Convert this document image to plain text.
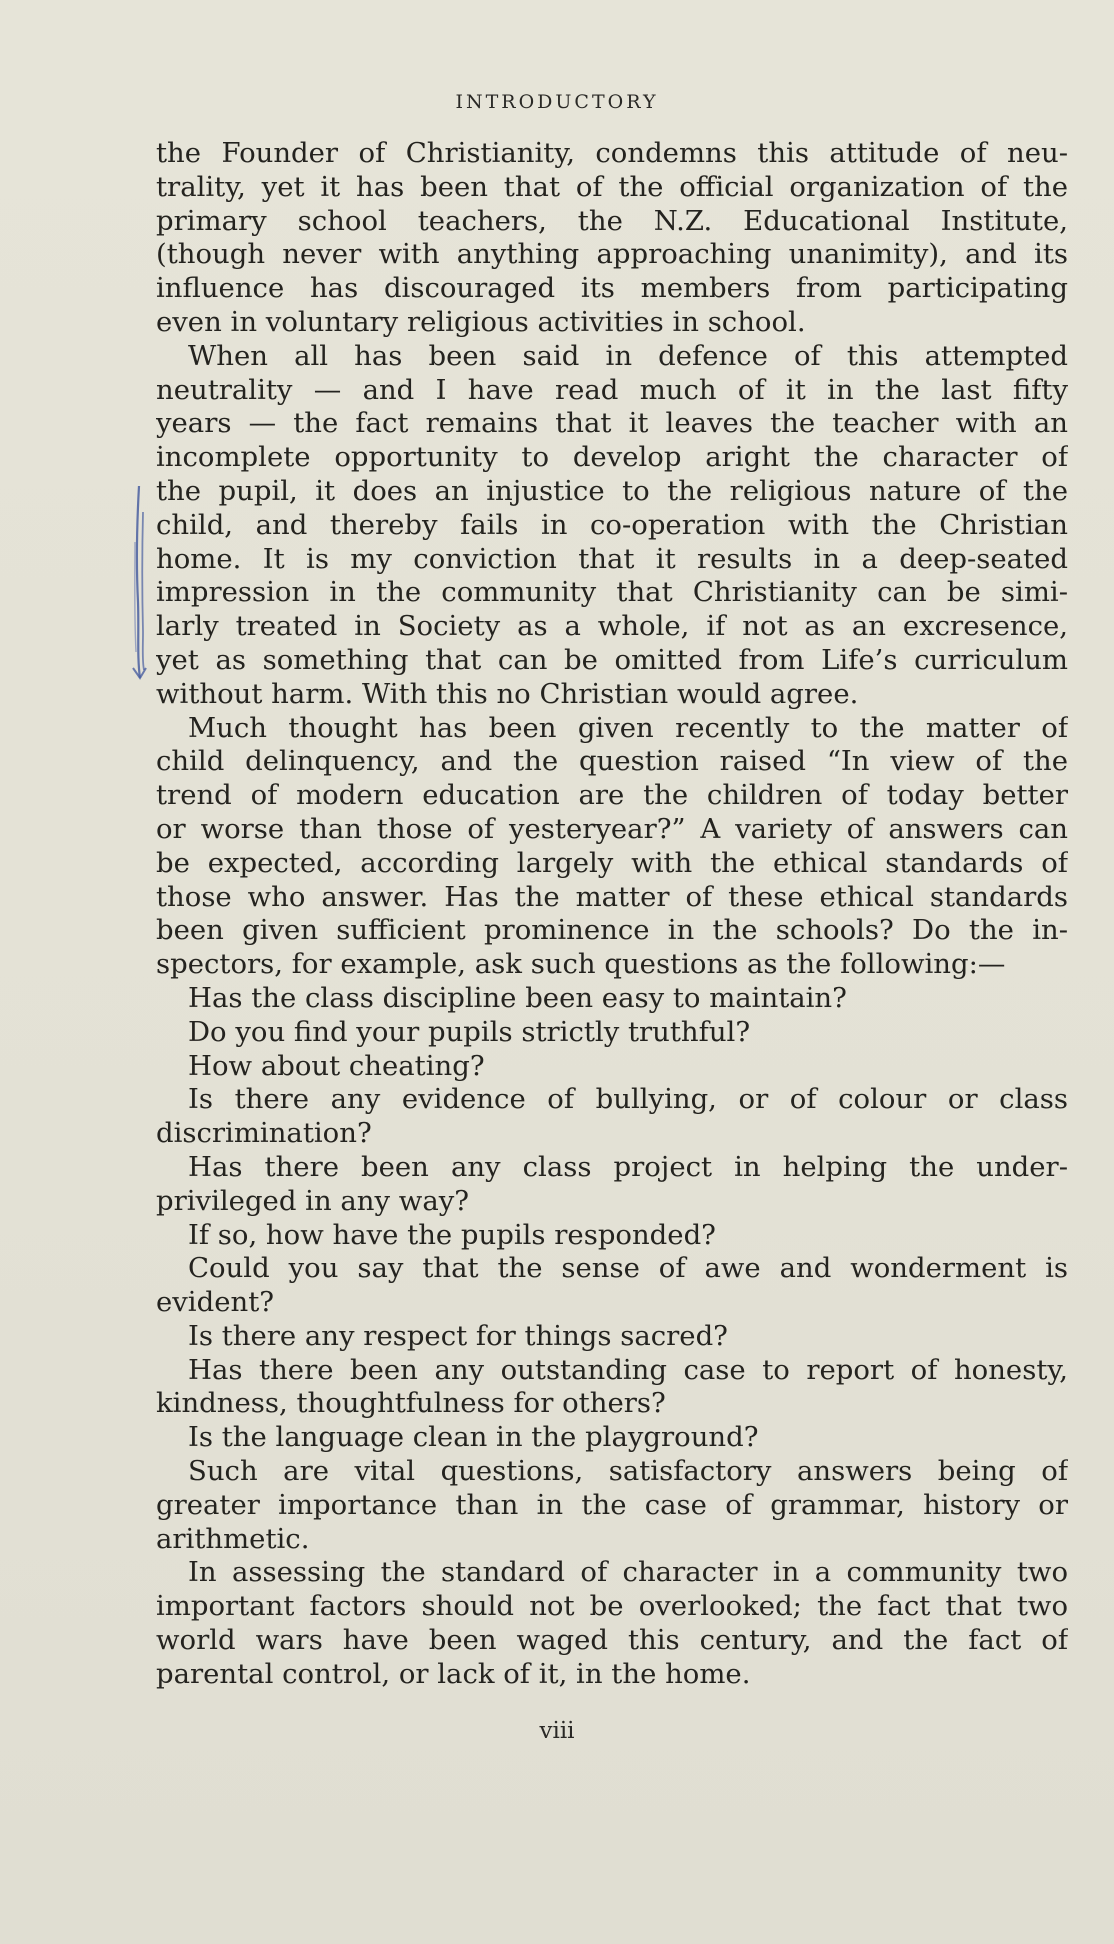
INTRODUCTORY
the Founder of Christianity, condemns this attitude of neu-
trality, yet it has been that of the official organization of the
primary school teachers, the N.Z. Educational Institute,
(though never with anything approaching unanimity), and its
influence has discouraged its members from participating
even in voluntary religious activities in school.
When all has been said in defence of this attempted
neutrality — and I have read much of it in the last fifty
years — the fact remains that it leaves the teacher with an
incomplete opportunity to develop aright the character of
the pupil, it does an injustice to the religious nature of the
child, and thereby fails in co-operation with the Christian
home. It is my conviction that it results in a deep-seated
impression in the community that Christianity can be simi-
larly treated in Society as a whole, if not as an excresence,
yet as something that can be omitted from Life’s curriculum
without harm. With this no Christian would agree.
Much thought has been given recently to the matter of
child delinquency, and the question raised “In view of the
trend of modern education are the children of today better
or worse than those of yesteryear?” A variety of answers can
be expected, according largely with the ethical standards of
those who answer. Has the matter of these ethical standards
been given sufficient prominence in the schools? Do the in-
spectors, for example, ask such questions as the following:—
Has the class discipline been easy to maintain?
Do you find your pupils strictly truthful?
How about cheating?
Is there any evidence of bullying, or of colour or class
discrimination?
Has there been any class project in helping the under-
privileged in any way?
If so, how have the pupils responded?
Could you say that the sense of awe and wonderment is
evident?
Is there any respect for things sacred?
Has there been any outstanding case to report of honesty,
kindness, thoughtfulness for others?
Is the language clean in the playground?
Such are vital questions, satisfactory answers being of
greater importance than in the case of grammar, history or
arithmetic.
In assessing the standard of character in a community two
important factors should not be overlooked; the fact that two
world wars have been waged this century, and the fact of
parental control, or lack of it, in the home.
viii
